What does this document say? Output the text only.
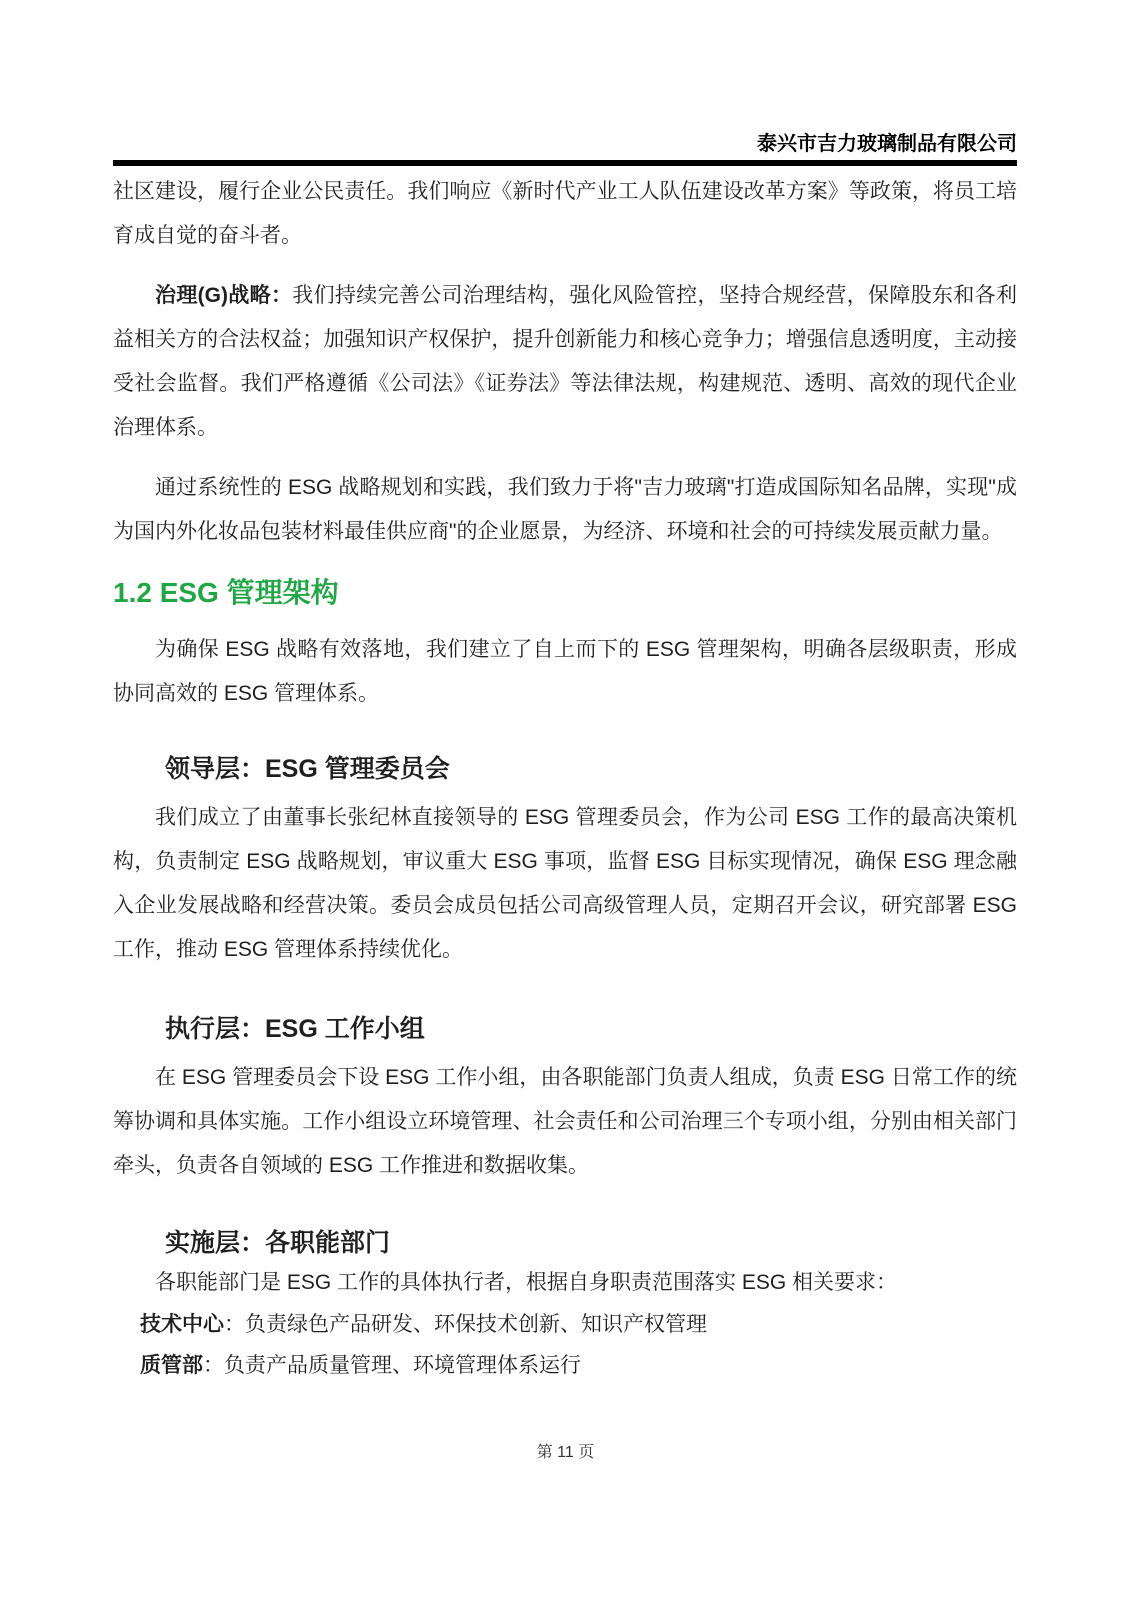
泰兴市吉力玻璃制品有限公司

社区建设，履行企业公民责任。我们响应《新时代产业工人队伍建设改革方案》等政策，将员工培育成自觉的奋斗者。

治理(G)战略：我们持续完善公司治理结构，强化风险管控，坚持合规经营，保障股东和各利益相关方的合法权益；加强知识产权保护，提升创新能力和核心竞争力；增强信息透明度，主动接受社会监督。我们严格遵循《公司法》《证券法》等法律法规，构建规范、透明、高效的现代企业治理体系。

通过系统性的 ESG 战略规划和实践，我们致力于将"吉力玻璃"打造成国际知名品牌，实现"成为国内外化妆品包装材料最佳供应商"的企业愿景，为经济、环境和社会的可持续发展贡献力量。

1.2 ESG 管理架构

为确保 ESG 战略有效落地，我们建立了自上而下的 ESG 管理架构，明确各层级职责，形成协同高效的 ESG 管理体系。

领导层：ESG 管理委员会

我们成立了由董事长张纪林直接领导的 ESG 管理委员会，作为公司 ESG 工作的最高决策机构，负责制定 ESG 战略规划，审议重大 ESG 事项，监督 ESG 目标实现情况，确保 ESG 理念融入企业发展战略和经营决策。委员会成员包括公司高级管理人员，定期召开会议，研究部署 ESG 工作，推动 ESG 管理体系持续优化。

执行层：ESG 工作小组

在 ESG 管理委员会下设 ESG 工作小组，由各职能部门负责人组成，负责 ESG 日常工作的统筹协调和具体实施。工作小组设立环境管理、社会责任和公司治理三个专项小组，分别由相关部门牵头，负责各自领域的 ESG 工作推进和数据收集。

实施层：各职能部门

各职能部门是 ESG 工作的具体执行者，根据自身职责范围落实 ESG 相关要求：

技术中心：负责绿色产品研发、环保技术创新、知识产权管理

质管部：负责产品质量管理、环境管理体系运行

第 11 页
